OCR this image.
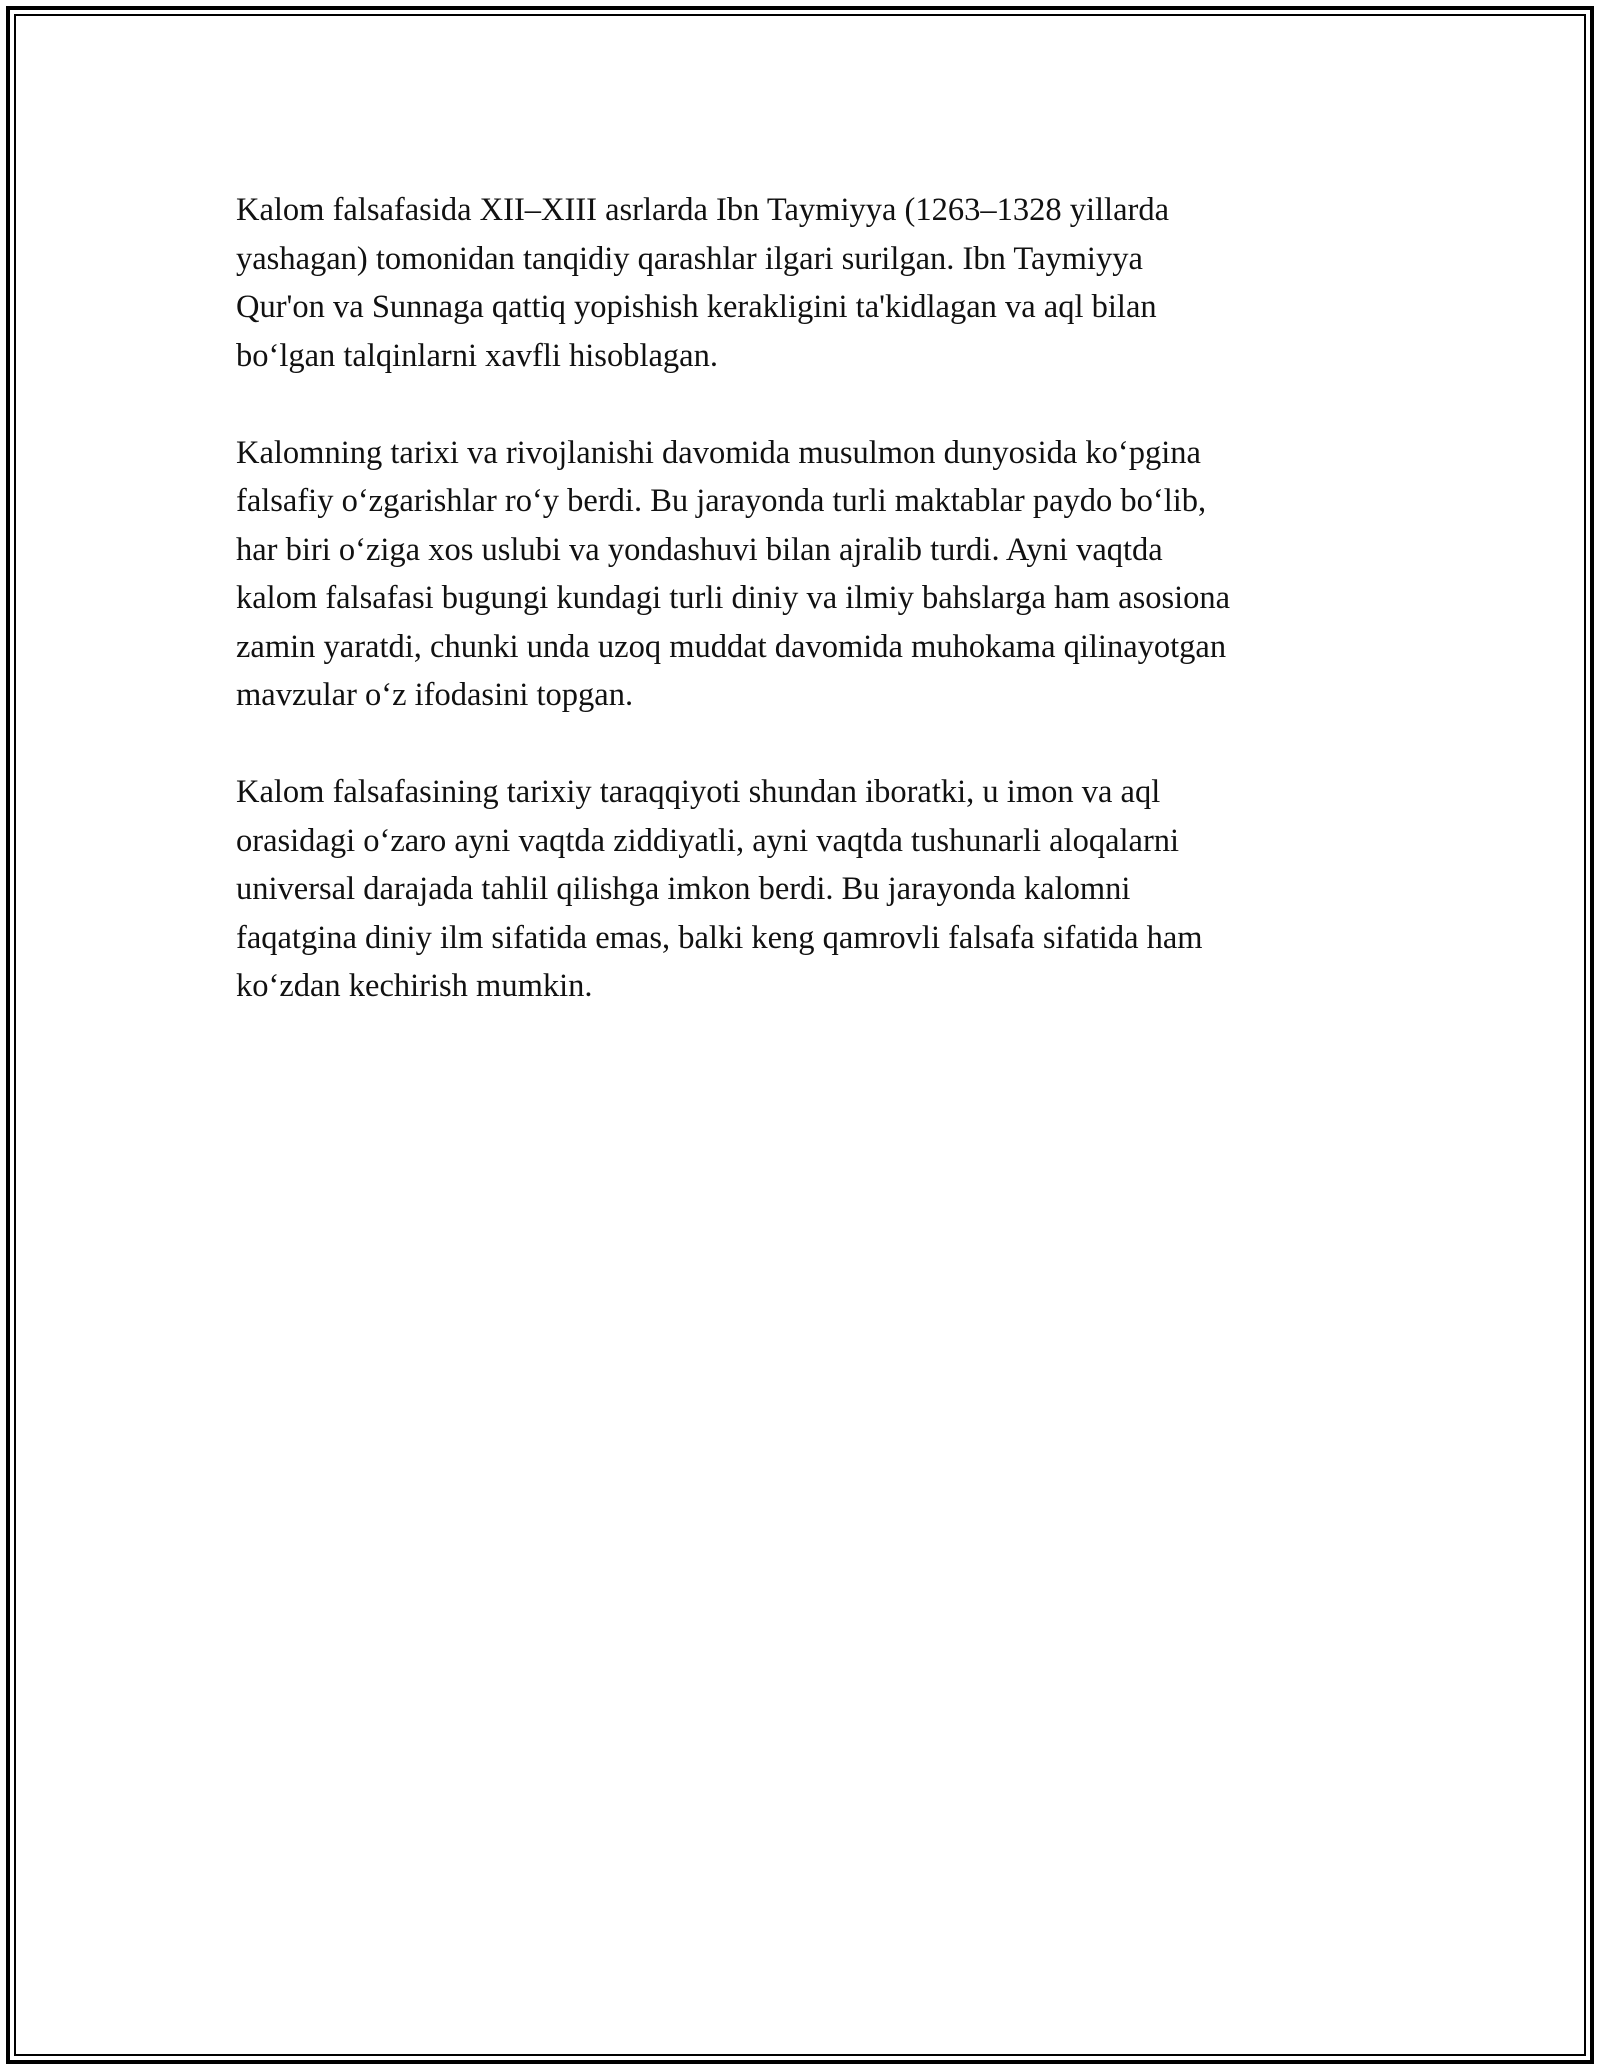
Kalom falsafasida XII–XIII asrlarda Ibn Taymiyya (1263–1328 yillarda
yashagan) tomonidan tanqidiy qarashlar ilgari surilgan. Ibn Taymiyya
Qur'on va Sunnaga qattiq yopishish kerakligini ta'kidlagan va aql bilan
bo‘lgan talqinlarni xavfli hisoblagan.

Kalomning tarixi va rivojlanishi davomida musulmon dunyosida ko‘pgina
falsafiy o‘zgarishlar ro‘y berdi. Bu jarayonda turli maktablar paydo bo‘lib,
har biri o‘ziga xos uslubi va yondashuvi bilan ajralib turdi. Ayni vaqtda
kalom falsafasi bugungi kundagi turli diniy va ilmiy bahslarga ham asosiona
zamin yaratdi, chunki unda uzoq muddat davomida muhokama qilinayotgan
mavzular o‘z ifodasini topgan.

Kalom falsafasining tarixiy taraqqiyoti shundan iboratki, u imon va aql
orasidagi o‘zaro ayni vaqtda ziddiyatli, ayni vaqtda tushunarli aloqalarni
universal darajada tahlil qilishga imkon berdi. Bu jarayonda kalomni
faqatgina diniy ilm sifatida emas, balki keng qamrovli falsafa sifatida ham
ko‘zdan kechirish mumkin.
